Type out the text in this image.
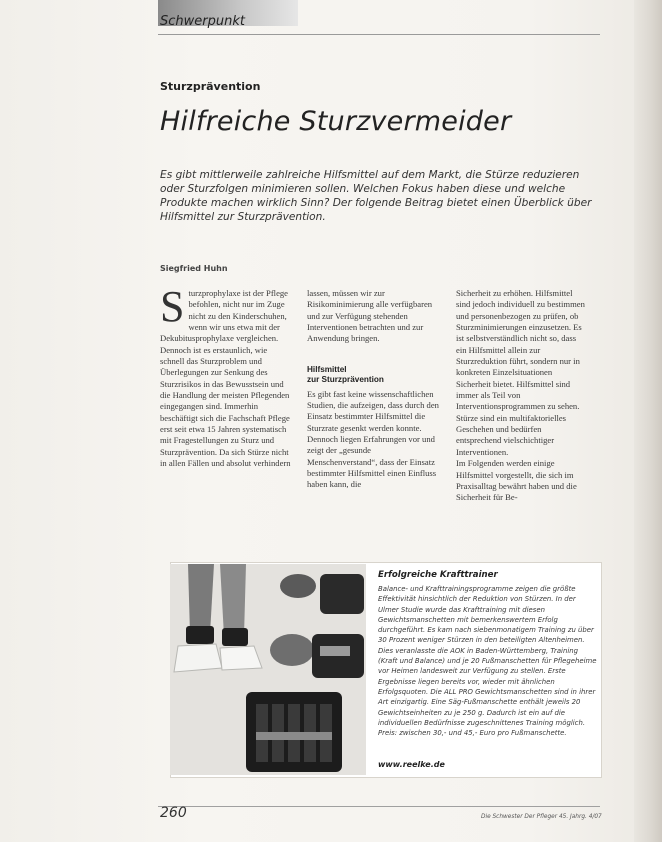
Schwerpunkt
Sturzprävention
Hilfreiche Sturzvermeider
Es gibt mittlerweile zahlreiche Hilfsmittel auf dem Markt, die Stürze reduzieren oder Sturzfolgen minimieren sollen. Welchen Fokus haben diese und welche Produkte machen wirklich Sinn? Der folgende Beitrag bietet einen Überblick über Hilfsmittel zur Sturzprävention.
Siegfried Huhn
S turzprophylaxe ist der Pflege befohlen, nicht nur im Zuge nicht zu den Kinderschuhen, wenn wir uns etwa mit der Dekubitusprophylaxe vergleichen. Dennoch ist es erstaunlich, wie schnell das Sturzproblem und Überlegungen zur Senkung des Sturzrisikos in das Bewusstsein und die Handlung der meisten Pflegenden eingegangen sind. Immerhin beschäftigt sich die Fachschaft Pflege erst seit etwa 15 Jahren systematisch mit Fragestellungen zu Sturz und Sturzprävention. Da sich Stürze nicht in allen Fällen und absolut verhindern

lassen, müssen wir zur Risikominimierung alle verfügbaren und zur Verfügung stehenden Interventionen betrachten und zur Anwendung bringen.

Hilfsmittel
zur Sturzprävention

Es gibt fast keine wissenschaftlichen Studien, die aufzeigen, dass durch den Einsatz bestimmter Hilfsmittel die Sturzrate gesenkt werden konnte. Dennoch liegen Erfahrungen vor und zeigt der „gesunde Menschenverstand“, dass der Einsatz bestimmter Hilfsmittel einen Einfluss haben kann, die

Sicherheit zu erhöhen. Hilfsmittel sind jedoch individuell zu bestimmen und personenbezogen zu prüfen, ob Sturzminimierungen einzusetzen. Es ist selbstverständlich nicht so, dass ein Hilfsmittel allein zur Sturzreduktion führt, sondern nur in konkreten Einzelsituationen Sicherheit bietet. Hilfsmittel sind immer als Teil von Interventionsprogrammen zu sehen. Stürze sind ein multifaktorielles Geschehen und bedürfen entsprechend vielschichtiger Interventionen.

Im Folgenden werden einige Hilfsmittel vorgestellt, die sich im Praxisalltag bewährt haben und die Sicherheit für Be-

Erfolgreiche Krafttrainer
Balance- und Krafttrainingsprogramme zeigen die größte Effektivität hinsichtlich der Reduktion von Stürzen. In der Ulmer Studie wurde das Krafttraining mit diesen Gewichtsmanschetten mit bemerkenswertem Erfolg durchgeführt. Es kam nach siebenmonatigem Training zu über 30 Prozent weniger Stürzen in den beteiligten Altenheimen. Dies veranlasste die AOK in Baden-Württemberg, Training (Kraft und Balance) und je 20 Fußmanschetten für Pflegeheime vor Heimen landesweit zur Verfügung zu stellen. Erste Ergebnisse liegen bereits vor, wieder mit ähnlichen Erfolgsquoten. Die ALL PRO Gewichtsmanschetten sind in ihrer Art einzigartig. Eine Säg-Fußmanschette enthält jeweils 20 Gewichtseinheiten zu je 250 g. Dadurch ist ein auf die individuellen Bedürfnisse zugeschnittenes Training möglich. Preis: zwischen 30,- und 45,- Euro pro Fußmanschette.
www.reelke.de
260	Die Schwester Der Pfleger 45. Jahrg. 4/07
